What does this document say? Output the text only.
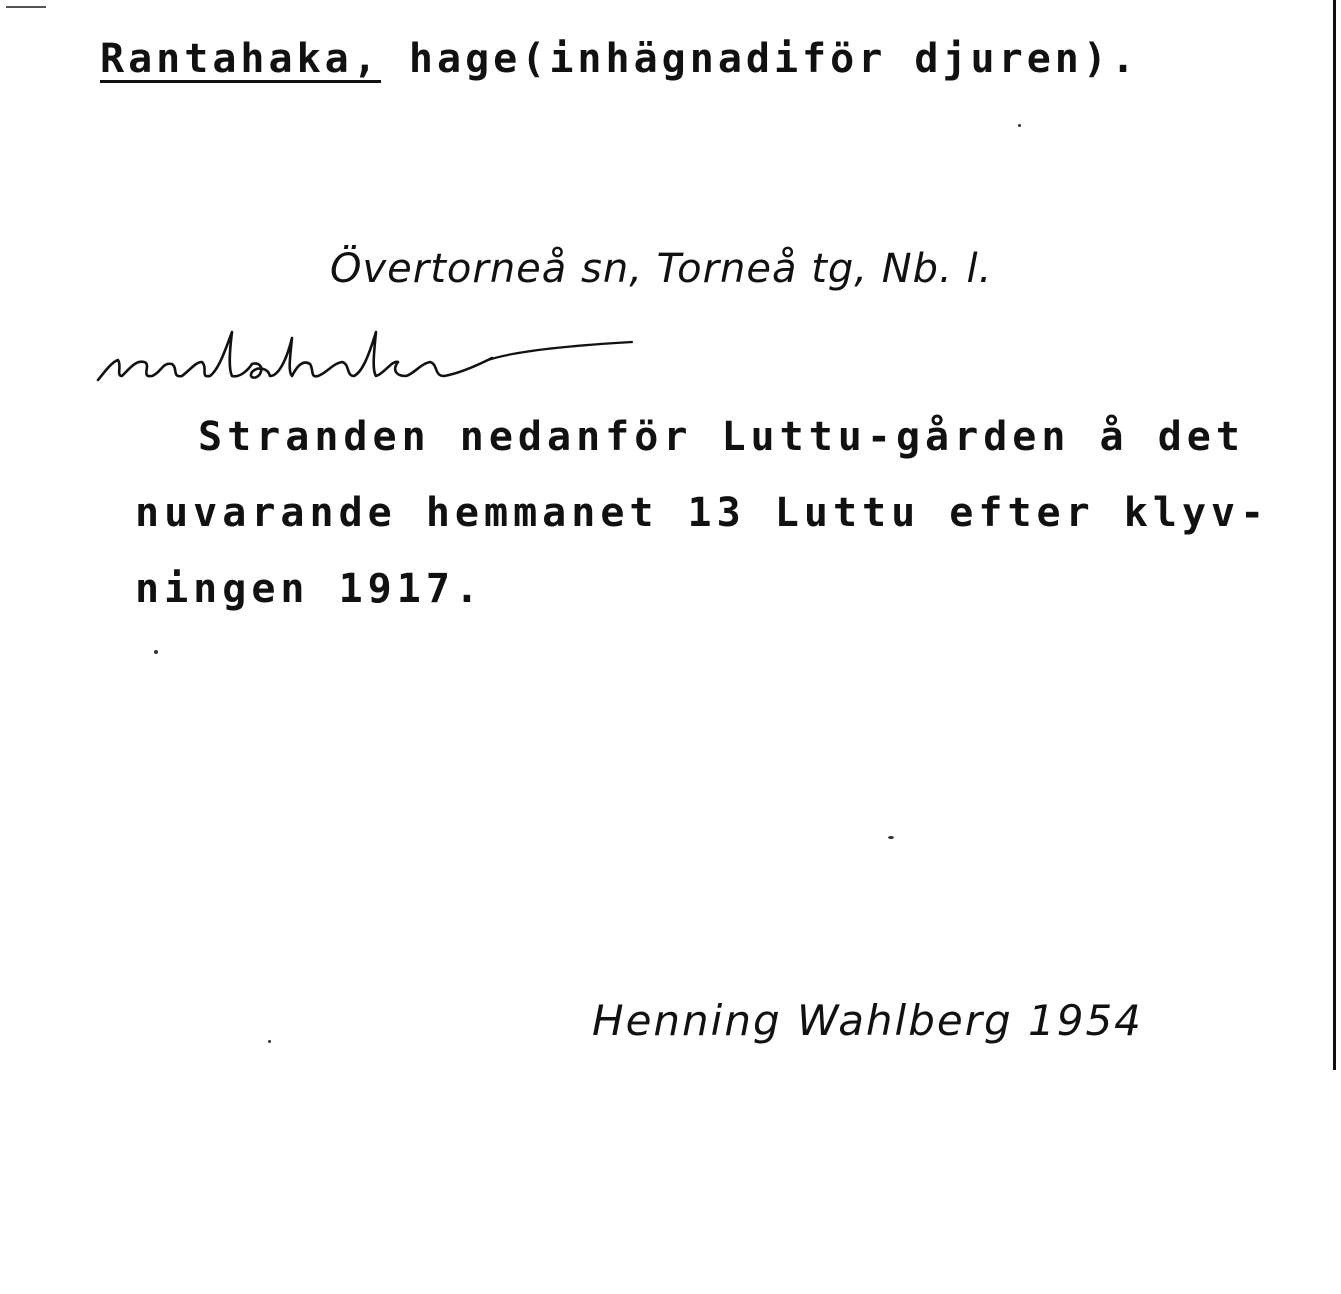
Rantahaka, hage(inhägnadiför djuren).
Övertorneå sn, Torneå tg, Nb. l.
Stranden nedanför Luttu-gården å det
nuvarande hemmanet 13 Luttu efter klyv-
ningen 1917.
Henning Wahlberg 1954
